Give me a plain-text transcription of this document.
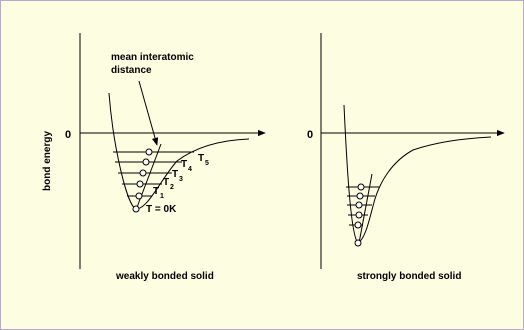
0
bond energy
mean interatomic
distance
T = 0K
T 1
T 2
T 3
T 4
T 5
weakly bonded solid
0
strongly bonded solid
